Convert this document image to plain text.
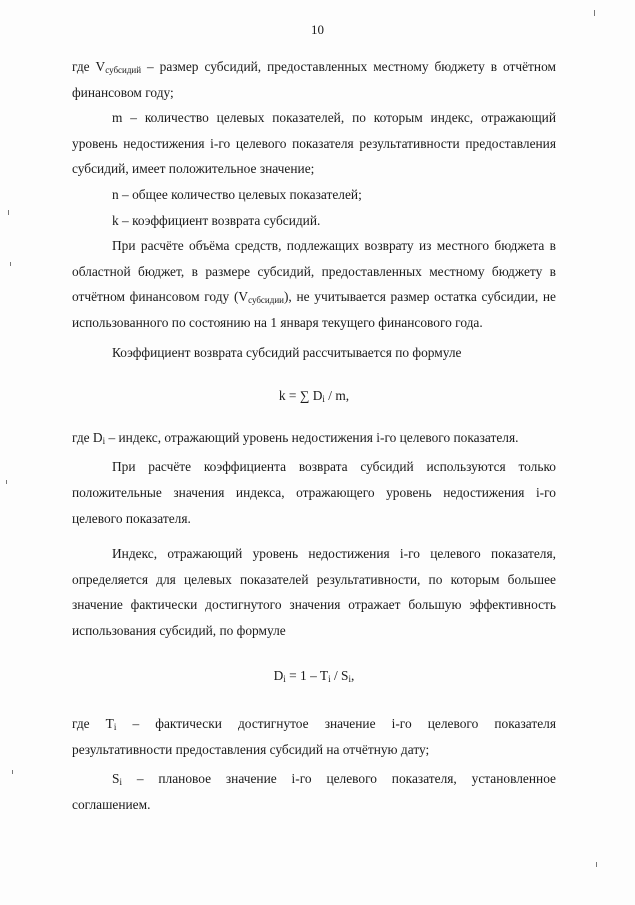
10

где $V_{субсидий}$ – размер субсидий, предоставленных местному бюджету в отчётном финансовом году;

m – количество целевых показателей, по которым индекс, отражающий уровень недостижения i-го целевого показателя результативности предоставления субсидий, имеет положительное значение;

n – общее количество целевых показателей;

k – коэффициент возврата субсидий.

При расчёте объёма средств, подлежащих возврату из местного бюджета в областной бюджет, в размере субсидий, предоставленных местному бюджету в отчётном финансовом году $(V_{субсидии})$, не учитывается размер остатка субсидии, не использованного по состоянию на 1 января текущего финансового года.

Коэффициент возврата субсидий рассчитывается по формуле

k = ∑ $D_i$ / m,

где $D_i$ – индекс, отражающий уровень недостижения i-го целевого показателя.

При расчёте коэффициента возврата субсидий используются только положительные значения индекса, отражающего уровень недостижения i-го целевого показателя.

Индекс, отражающий уровень недостижения i-го целевого показателя, определяется для целевых показателей результативности, по которым большее значение фактически достигнутого значения отражает большую эффективность использования субсидий, по формуле

$D_i = 1 - T_i / S_i$,

где $T_i$ – фактически достигнутое значение i-го целевого показателя результативности предоставления субсидий на отчётную дату;

$S_i$ – плановое значение i-го целевого показателя, установленное соглашением.
